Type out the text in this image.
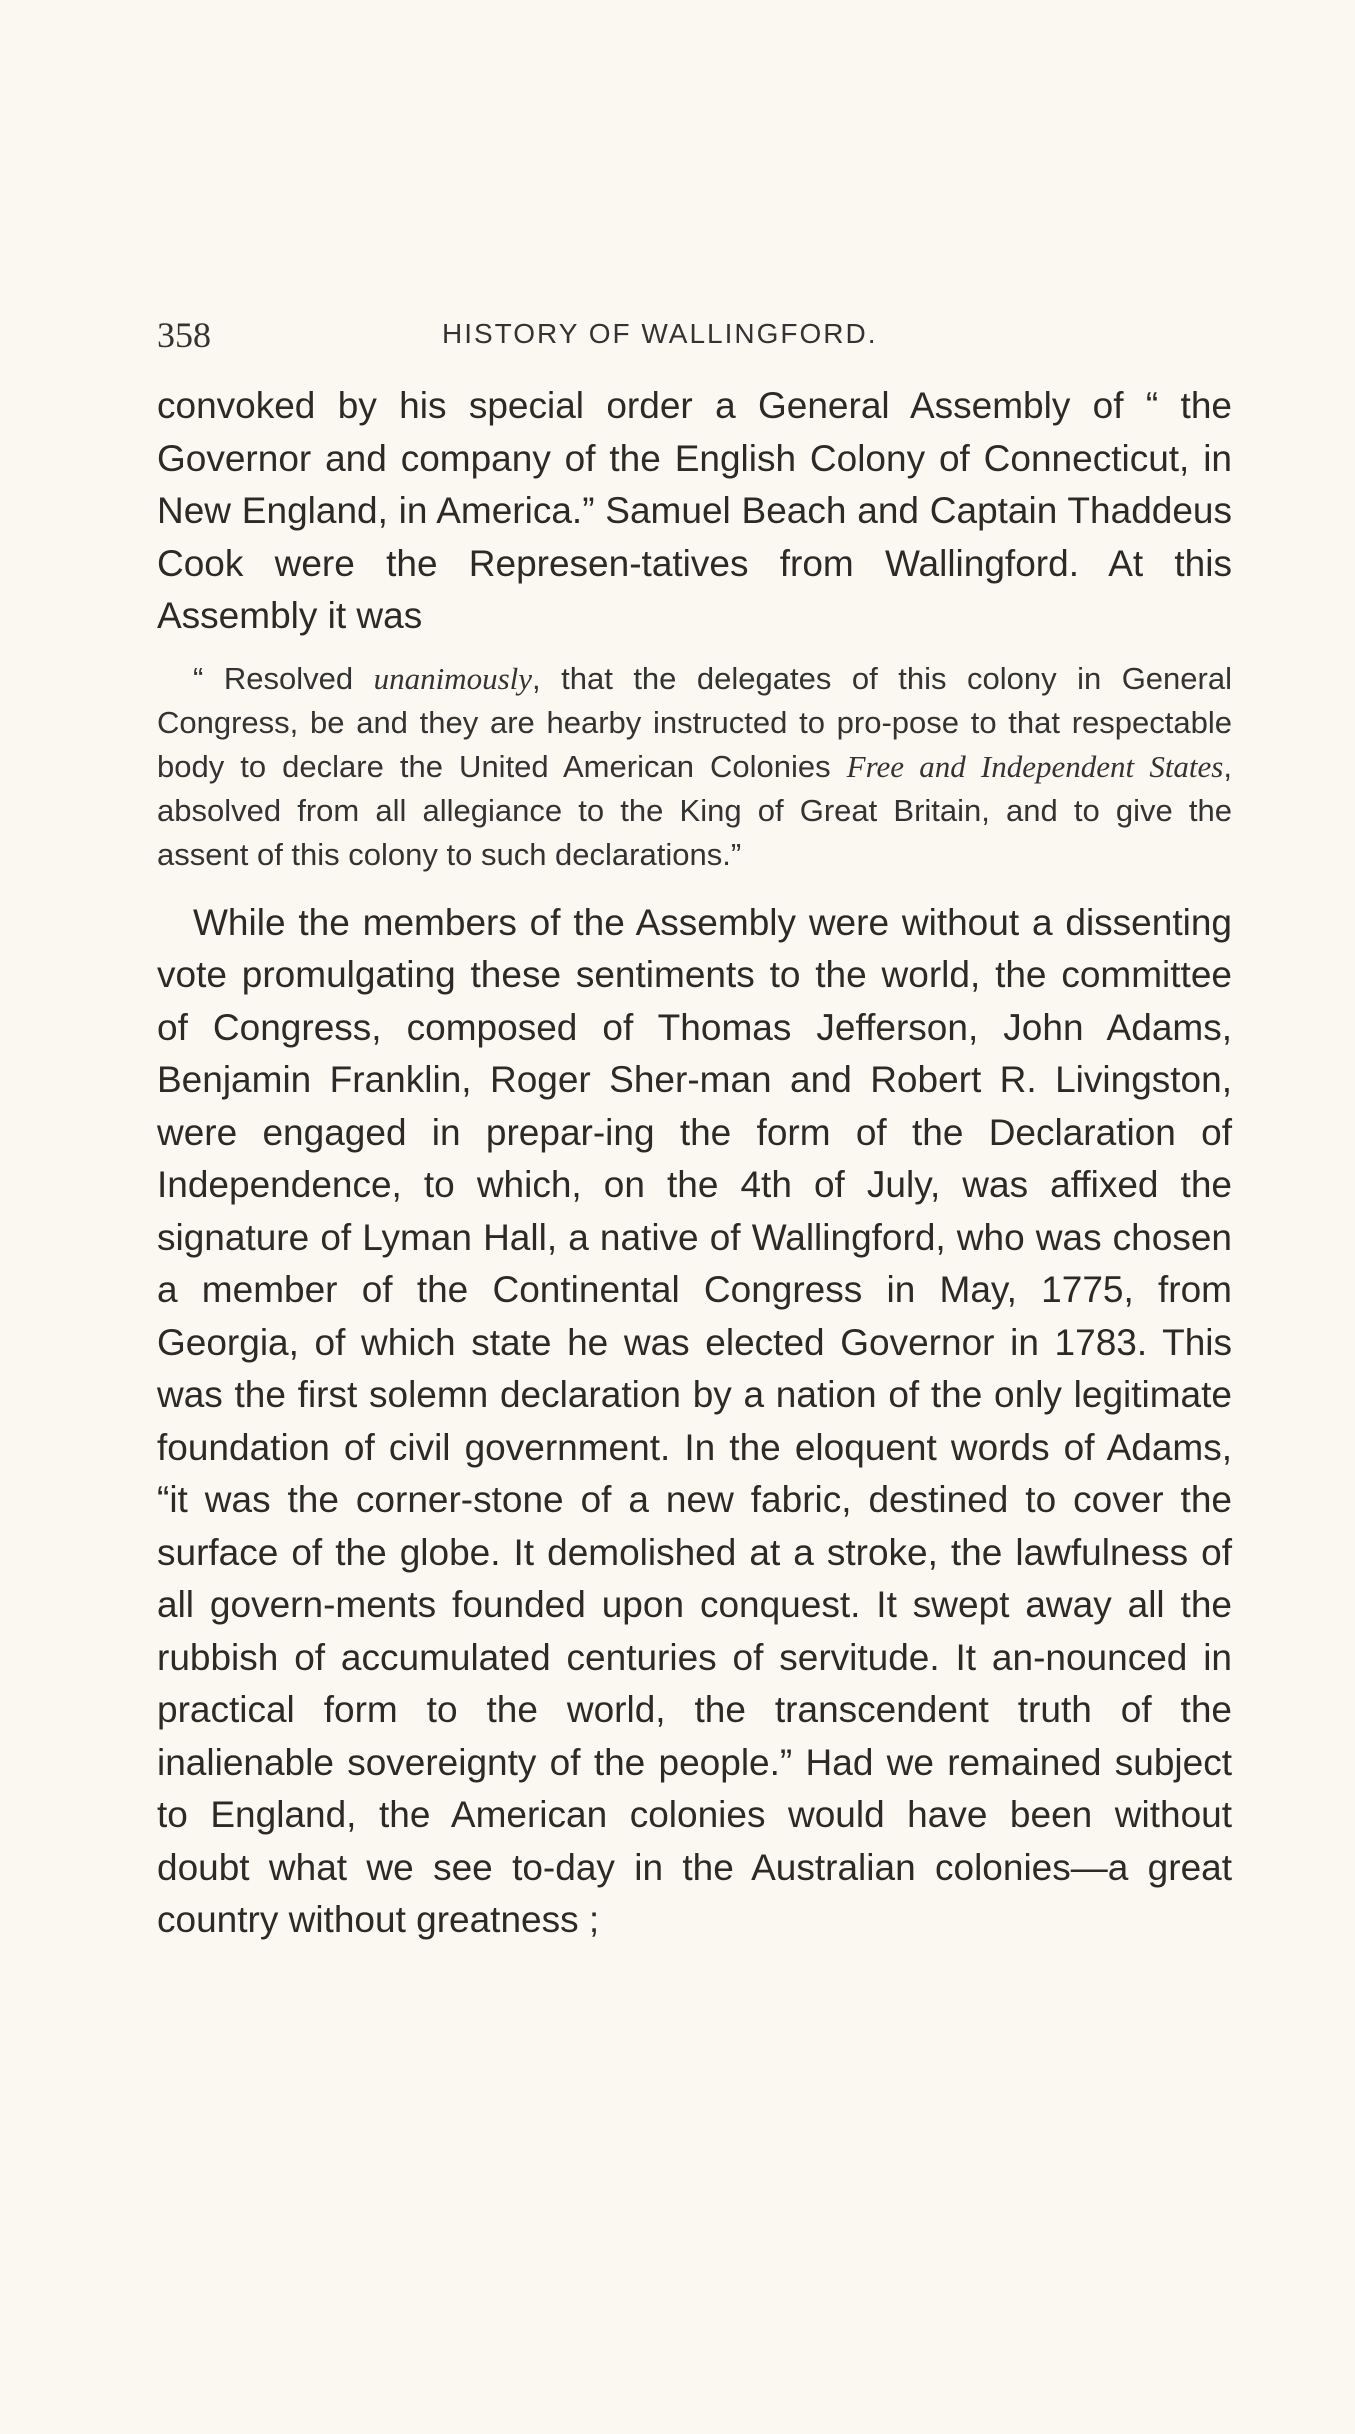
358	HISTORY OF WALLINGFORD.

convoked by his special order a General Assembly of “ the Governor and company of the English Colony of Connecticut, in New England, in America.” Samuel Beach and Captain Thaddeus Cook were the Represen-tatives from Wallingford. At this Assembly it was

“ Resolved unanimously, that the delegates of this colony in General Congress, be and they are hearby instructed to pro-pose to that respectable body to declare the United American Colonies Free and Independent States, absolved from all allegiance to the King of Great Britain, and to give the assent of this colony to such declarations.”

While the members of the Assembly were without a dissenting vote promulgating these sentiments to the world, the committee of Congress, composed of Thomas Jefferson, John Adams, Benjamin Franklin, Roger Sher-man and Robert R. Livingston, were engaged in prepar-ing the form of the Declaration of Independence, to which, on the 4th of July, was affixed the signature of Lyman Hall, a native of Wallingford, who was chosen a member of the Continental Congress in May, 1775, from Georgia, of which state he was elected Governor in 1783. This was the first solemn declaration by a nation of the only legitimate foundation of civil government. In the eloquent words of Adams, “it was the corner-stone of a new fabric, destined to cover the surface of the globe. It demolished at a stroke, the lawfulness of all govern-ments founded upon conquest. It swept away all the rubbish of accumulated centuries of servitude. It an-nounced in practical form to the world, the transcendent truth of the inalienable sovereignty of the people.” Had we remained subject to England, the American colonies would have been without doubt what we see to-day in the Australian colonies—a great country without greatness ;
